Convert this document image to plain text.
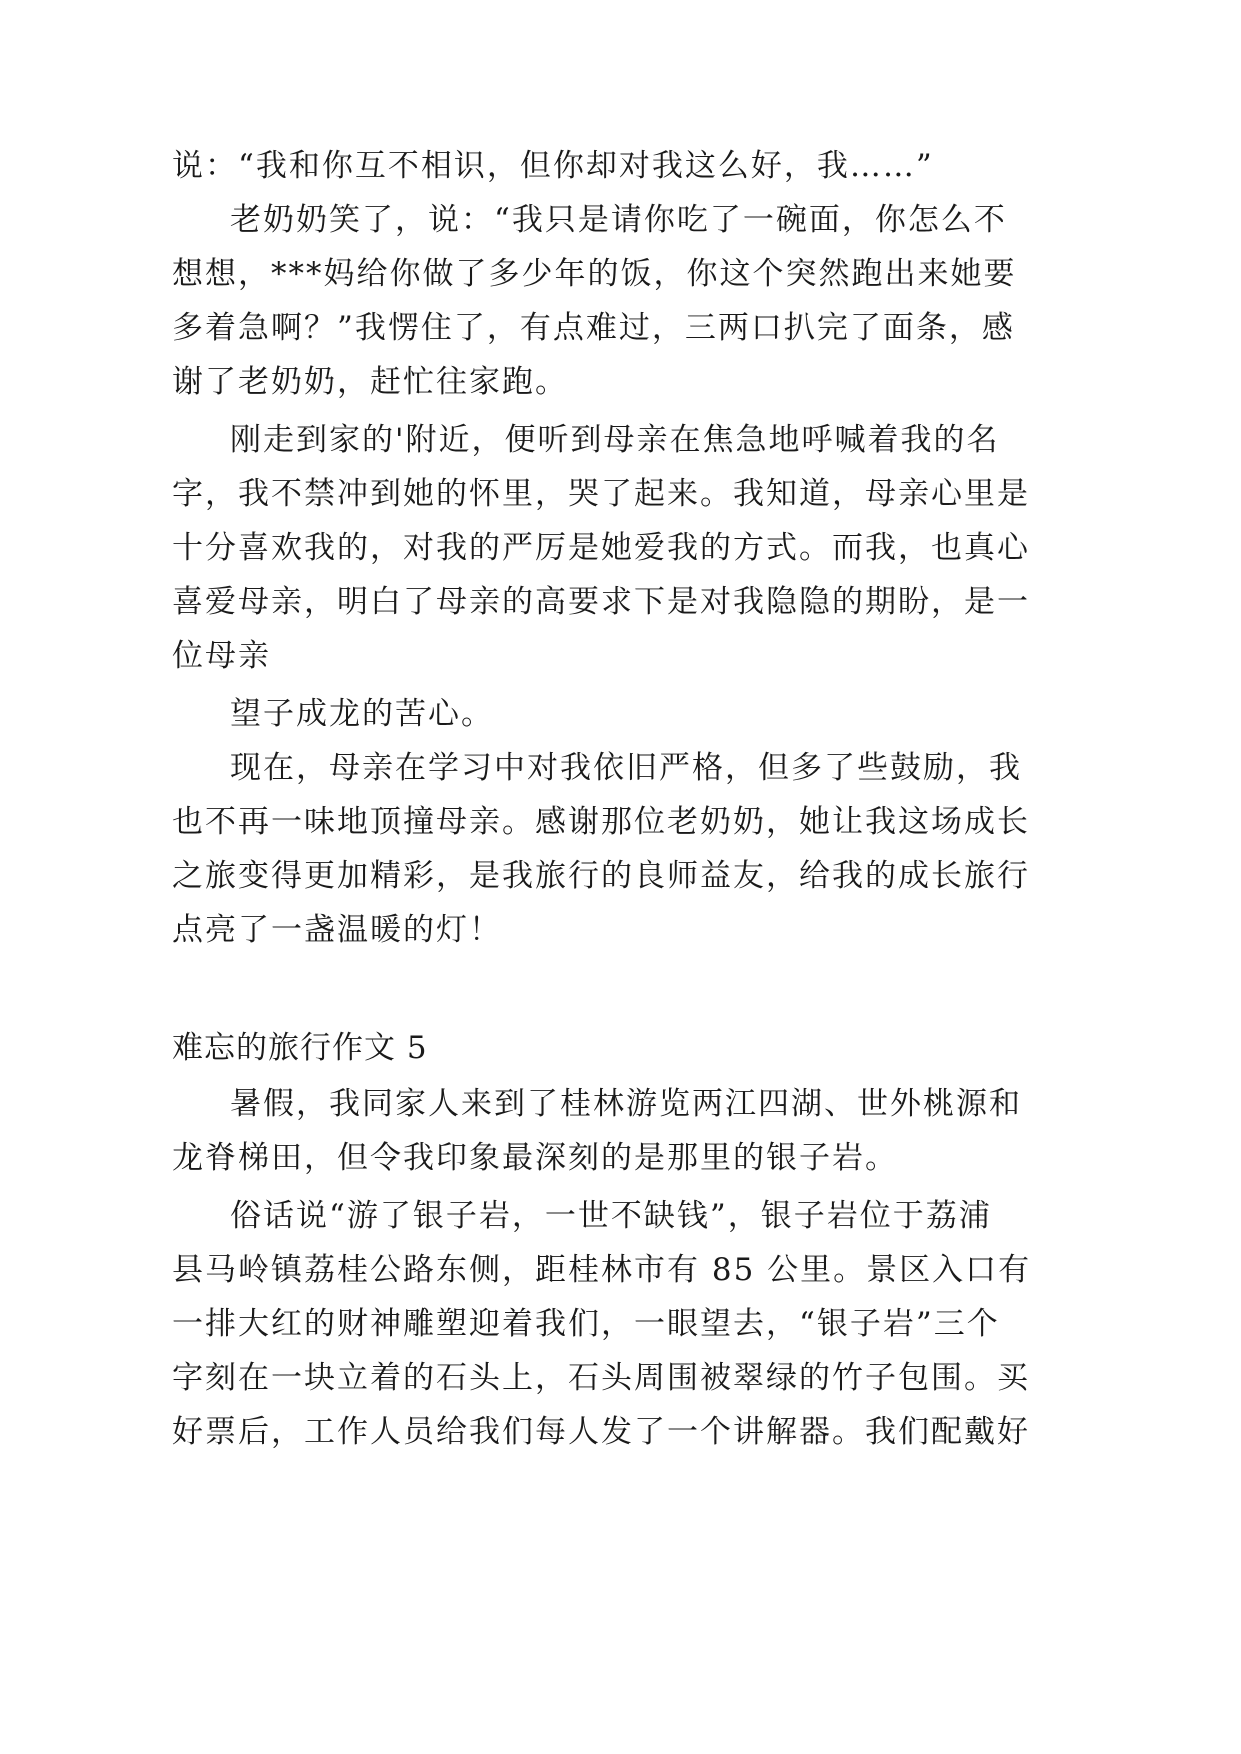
说：“我和你互不相识，但你却对我这么好，我……”
老奶奶笑了，说：“我只是请你吃了一碗面，你怎么不
想想，***妈给你做了多少年的饭，你这个突然跑出来她要
多着急啊？”我愣住了，有点难过，三两口扒完了面条，感
谢了老奶奶，赶忙往家跑。
刚走到家的'附近，便听到母亲在焦急地呼喊着我的名
字，我不禁冲到她的怀里，哭了起来。我知道，母亲心里是
十分喜欢我的，对我的严厉是她爱我的方式。而我，也真心
喜爱母亲，明白了母亲的高要求下是对我隐隐的期盼，是一
位母亲
望子成龙的苦心。
现在，母亲在学习中对我依旧严格，但多了些鼓励，我
也不再一味地顶撞母亲。感谢那位老奶奶，她让我这场成长
之旅变得更加精彩，是我旅行的良师益友，给我的成长旅行
点亮了一盏温暖的灯！
难忘的旅行作文 5
暑假，我同家人来到了桂林游览两江四湖、世外桃源和
龙脊梯田，但令我印象最深刻的是那里的银子岩。
俗话说“游了银子岩，一世不缺钱”，银子岩位于荔浦
县马岭镇荔桂公路东侧，距桂林市有 85 公里。景区入口有
一排大红的财神雕塑迎着我们，一眼望去，“银子岩”三个
字刻在一块立着的石头上，石头周围被翠绿的竹子包围。买
好票后，工作人员给我们每人发了一个讲解器。我们配戴好
